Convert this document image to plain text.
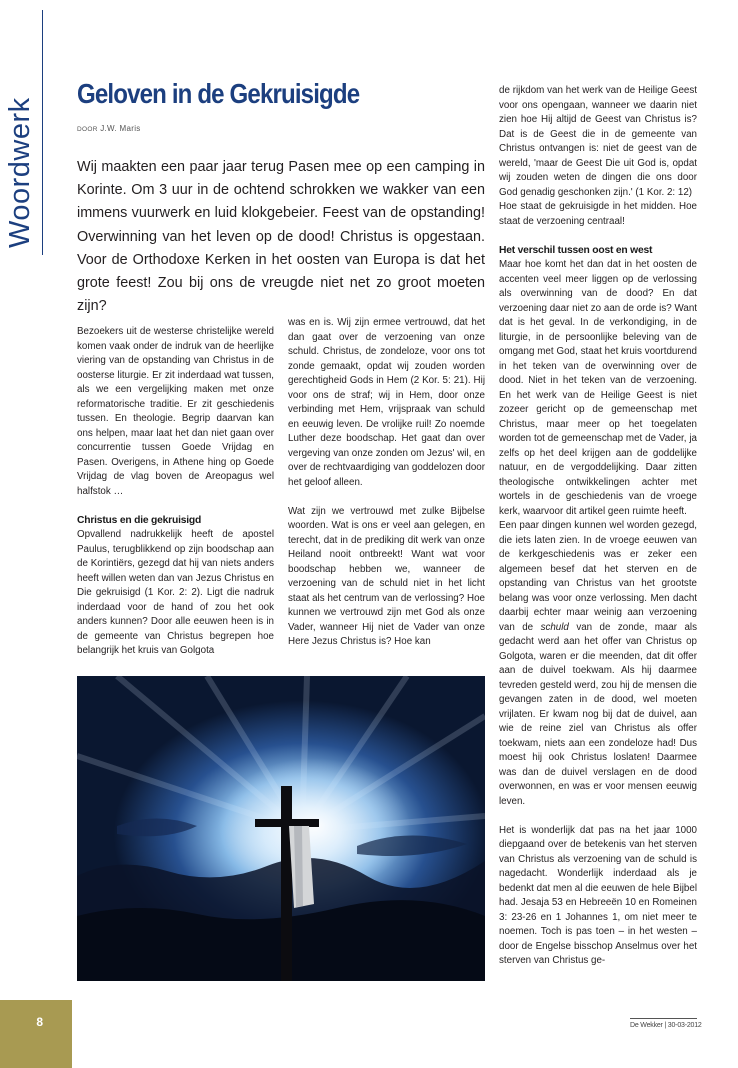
Woordwerk
Geloven in de Gekruisigde
DOOR J.W. Maris
Wij maakten een paar jaar terug Pasen mee op een camping in Korinte. Om 3 uur in de ochtend schrokken we wakker van een immens vuurwerk en luid klokgebeier. Feest van de opstanding! Overwinning van het leven op de dood! Christus is opgestaan. Voor de Orthodoxe Kerken in het oosten van Europa is dat het grote feest! Zou bij ons de vreugde niet net zo groot moeten zijn?

Bezoekers uit de westerse christelijke wereld komen vaak onder de indruk van de heerlijke viering van de opstanding van Christus in de oosterse liturgie. Er zit inderdaad wat tussen, als we een vergelijking maken met onze reformatorische traditie. Er zit geschiedenis tussen. En theologie. Begrip daarvan kan ons helpen, maar laat het dan niet gaan over concurrentie tussen Goede Vrijdag en Pasen. Overigens, in Athene hing op Goede Vrijdag de vlag boven de Areopagus wel halfstok …

Christus en die gekruisigd

Opvallend nadrukkelijk heeft de apostel Paulus, terugblikkend op zijn boodschap aan de Korintiërs, gezegd dat hij van niets anders heeft willen weten dan van Jezus Christus en Die gekruisigd (1 Kor. 2: 2). Ligt die nadruk inderdaad voor de hand of zou het ook anders kunnen? Door alle eeuwen heen is in de gemeente van Christus begrepen hoe belangrijk het kruis van Golgota

was en is. Wij zijn ermee vertrouwd, dat het dan gaat over de verzoening van onze schuld. Christus, de zondeloze, voor ons tot zonde gemaakt, opdat wij zouden worden gerechtigheid Gods in Hem (2 Kor. 5: 21). Hij voor ons de straf; wij in Hem, door onze verbinding met Hem, vrijspraak van schuld en eeuwig leven. De vrolijke ruil! Zo noemde Luther deze boodschap. Het gaat dan over vergeving van onze zonden om Jezus' wil, en over de rechtvaardiging van goddelozen door het geloof alleen.

Wat zijn we vertrouwd met zulke Bijbelse woorden. Wat is ons er veel aan gelegen, en terecht, dat in de prediking dit werk van onze Heiland nooit ontbreekt! Want wat voor boodschap hebben we, wanneer de verzoening van de schuld niet in het licht staat als het centrum van de verlossing? Hoe kunnen we vertrouwd zijn met God als onze Vader, wanneer Hij niet de Vader van onze Here Jezus Christus is? Hoe kan

de rijkdom van het werk van de Heilige Geest voor ons opengaan, wanneer we daarin niet zien hoe Hij altijd de Geest van Christus is? Dat is de Geest die in de gemeente van Christus ontvangen is: niet de geest van de wereld, 'maar de Geest Die uit God is, opdat wij zouden weten de dingen die ons door God genadig geschonken zijn.' (1 Kor. 2: 12)

Hoe staat de gekruisigde in het midden. Hoe staat de verzoening centraal!

Het verschil tussen oost en west

Maar hoe komt het dan dat in het oosten de accenten veel meer liggen op de verlossing als overwinning van de dood? En dat verzoening daar niet zo aan de orde is? Want dat is het geval. In de verkondiging, in de liturgie, in de persoonlijke beleving van de omgang met God, staat het kruis voortdurend in het teken van de overwinning over de dood. Niet in het teken van de verzoening. En het werk van de Heilige Geest is niet zozeer gericht op de gemeenschap met Christus, maar meer op het toegelaten worden tot de gemeenschap met de Vader, ja zelfs op het deel krijgen aan de goddelijke natuur, en de vergoddelijking. Daar zitten theologische ontwikkelingen achter met wortels in de geschiedenis van de vroege kerk, waarvoor dit artikel geen ruimte heeft.

Een paar dingen kunnen wel worden gezegd, die iets laten zien. In de vroege eeuwen van de kerkgeschiedenis was er zeker een algemeen besef dat het sterven en de opstanding van Christus van het grootste belang was voor onze verlossing. Men dacht daarbij echter maar weinig aan verzoening van de schuld van de zonde, maar als gedacht werd aan het offer van Christus op Golgota, waren er die meenden, dat dit offer aan de duivel toekwam. Als hij daarmee tevreden gesteld werd, zou hij de mensen die gevangen zaten in de dood, wel moeten vrijlaten. Er kwam nog bij dat de duivel, aan wie de reine ziel van Christus als offer toekwam, niets aan een zondeloze had! Dus moest hij ook Christus loslaten! Daarmee was dan de duivel verslagen en de dood overwonnen, en was er voor mensen eeuwig leven.

Het is wonderlijk dat pas na het jaar 1000 diepgaand over de betekenis van het sterven van Christus als verzoening van de schuld is nagedacht. Wonderlijk inderdaad als je bedenkt dat men al die eeuwen de hele Bijbel had. Jesaja 53 en Hebreeën 10 en Romeinen 3: 23-26 en 1 Johannes 1, om niet meer te noemen. Toch is pas toen – in het westen – door de Engelse bisschop Anselmus over het sterven van Christus ge-

8	De Wekker | 30-03-2012
